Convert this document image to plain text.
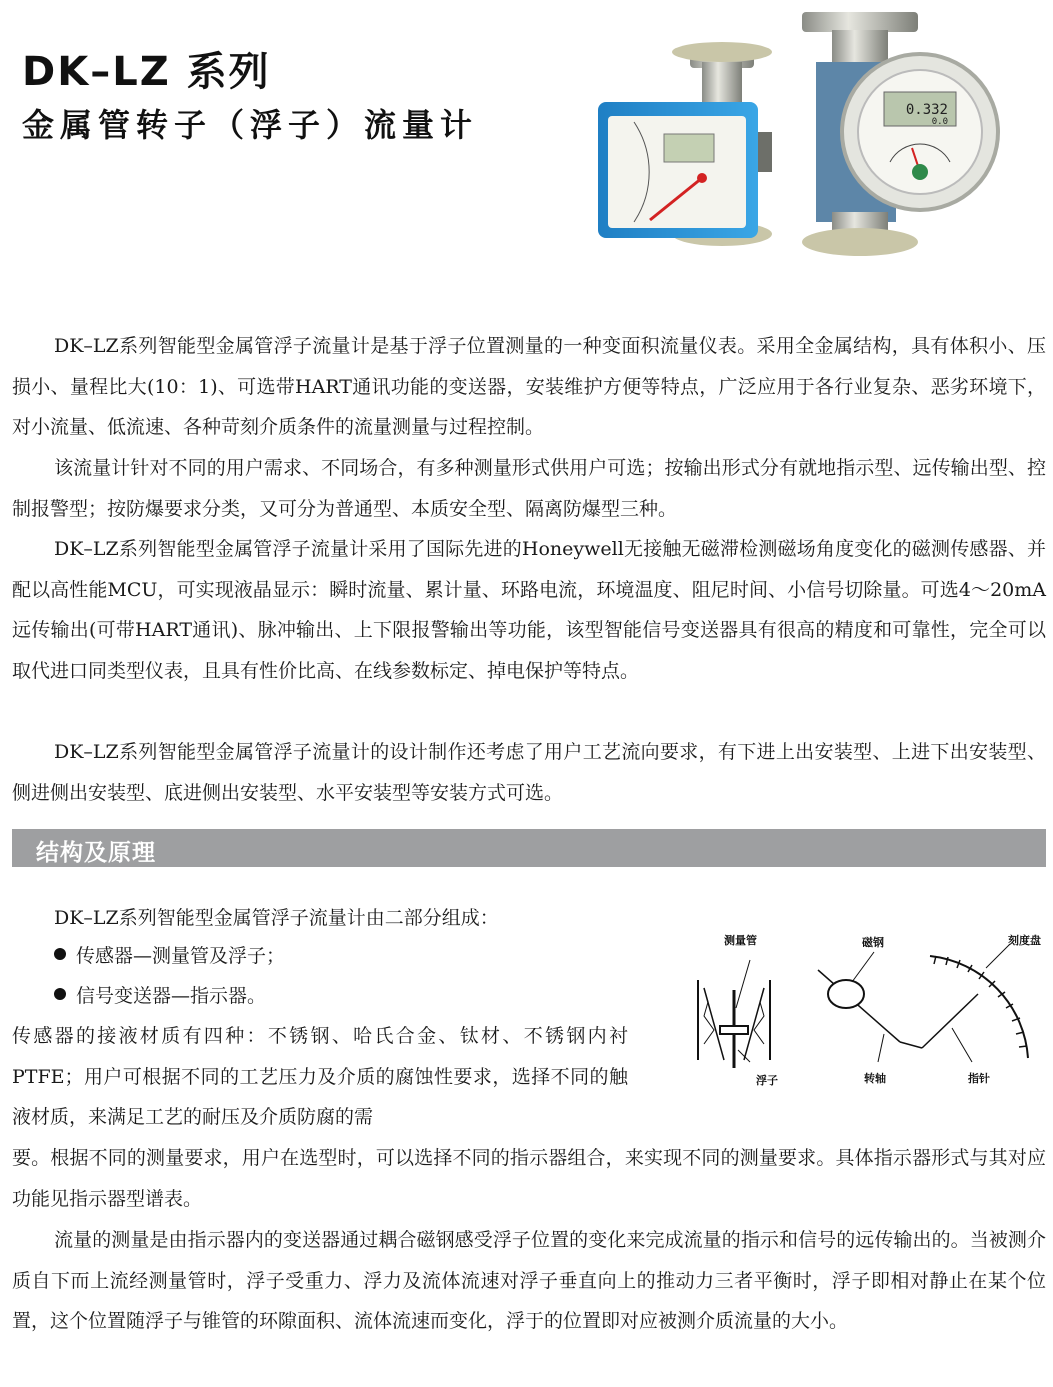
DK–LZ 系列
金属管转子（浮子）流量计	0.332
0.0

DK–LZ系列智能型金属管浮子流量计是基于浮子位置测量的一种变面积流量仪表。采用全金属结构，具有体积小、压损小、量程比大(10：1)、可选带HART通讯功能的变送器，安装维护方便等特点，广泛应用于各行业复杂、恶劣环境下，对小流量、低流速、各种苛刻介质条件的流量测量与过程控制。

该流量计针对不同的用户需求、不同场合，有多种测量形式供用户可选；按输出形式分有就地指示型、远传输出型、控制报警型；按防爆要求分类，又可分为普通型、本质安全型、隔离防爆型三种。

DK–LZ系列智能型金属管浮子流量计采用了国际先进的Honeywell无接触无磁滞检测磁场角度变化的磁测传感器、并配以高性能MCU，可实现液晶显示：瞬时流量、累计量、环路电流，环境温度、阻尼时间、小信号切除量。可选4～20mA远传输出(可带HART通讯)、脉冲输出、上下限报警输出等功能，该型智能信号变送器具有很高的精度和可靠性，完全可以取代进口同类型仪表，且具有性价比高、在线参数标定、掉电保护等特点。

DK–LZ系列智能型金属管浮子流量计的设计制作还考虑了用户工艺流向要求，有下进上出安装型、上进下出安装型、侧进侧出安装型、底进侧出安装型、水平安装型等安装方式可选。

结构及原理
DK–LZ系列智能型金属管浮子流量计由二部分组成：
传感器—测量管及浮子；
信号变送器—指示器。

传感器的接液材质有四种：不锈钢、哈氏合金、钛材、不锈钢内衬PTFE；用户可根据不同的工艺压力及介质的腐蚀性要求，选择不同的触液材质，来满足工艺的耐压及介质防腐的需

要。根据不同的测量要求，用户在选型时，可以选择不同的指示器组合，来实现不同的测量要求。具体指示器形式与其对应功能见指示器型谱表。

流量的测量是由指示器内的变送器通过耦合磁钢感受浮子位置的变化来完成流量的指示和信号的远传输出的。当被测介质自下而上流经测量管时，浮子受重力、浮力及流体流速对浮子垂直向上的推动力三者平衡时，浮子即相对静止在某个位置，这个位置随浮子与锥管的环隙面积、流体流速而变化，浮于的位置即对应被测介质流量的大小。

测量管
浮子
磁钢
转轴	指针
刻度盘
